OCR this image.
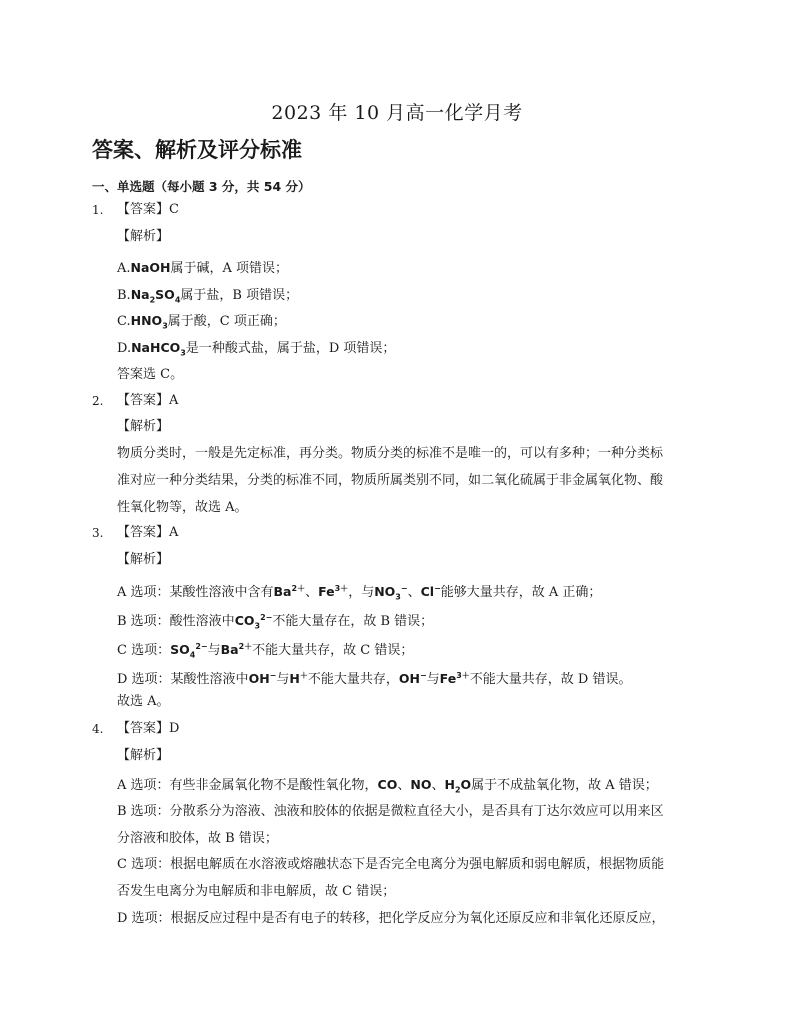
2023 年 10 月高一化学月考
答案、解析及评分标准
一、单选题（每小题 3 分，共 54 分）
1. 【答案】C
【解析】
A.NaOH属于碱，A 项错误；
$B.Na_2SO_4$属于盐，B 项错误；
$C.HNO_3$属于酸，C 项正确；
D.NaHCO$_3$是一种酸式盐，属于盐，D 项错误；
答案选 C。
2. 【答案】A
【解析】
物质分类时，一般是先定标准，再分类。物质分类的标准不是唯一的，可以有多种；一种分类标
准对应一种分类结果，分类的标准不同，物质所属类别不同，如二氧化硫属于非金属氧化物、酸
性氧化物等，故选 A。
3. 【答案】A
【解析】
A 选项：某酸性溶液中含有$Ba^{2+}$、$Fe^{3+}$，与$NO_3^-$、Cl−能够大量共存，故 A 正确；
B 选项：酸性溶液中$CO_3^{2-}$不能大量存在，故 B 错误；
C 选项：$SO_4^{2-}$与$Ba^{2+}$不能大量共存，故 C 错误；
D 选项：某酸性溶液中OH−与H＋不能大量共存，OH−与$Fe^{3+}$不能大量共存，故 D 错误。
故选 A。
4. 【答案】D
【解析】
A 选项：有些非金属氧化物不是酸性氧化物，CO、NO、$H_2O$属于不成盐氧化物，故 A 错误；
B 选项：分散系分为溶液、浊液和胶体的依据是微粒直径大小，是否具有丁达尔效应可以用来区
分溶液和胶体，故 B 错误；
C 选项：根据电解质在水溶液或熔融状态下是否完全电离分为强电解质和弱电解质，根据物质能
否发生电离分为电解质和非电解质，故 C 错误；
D 选项：根据反应过程中是否有电子的转移，把化学反应分为氧化还原反应和非氧化还原反应，
